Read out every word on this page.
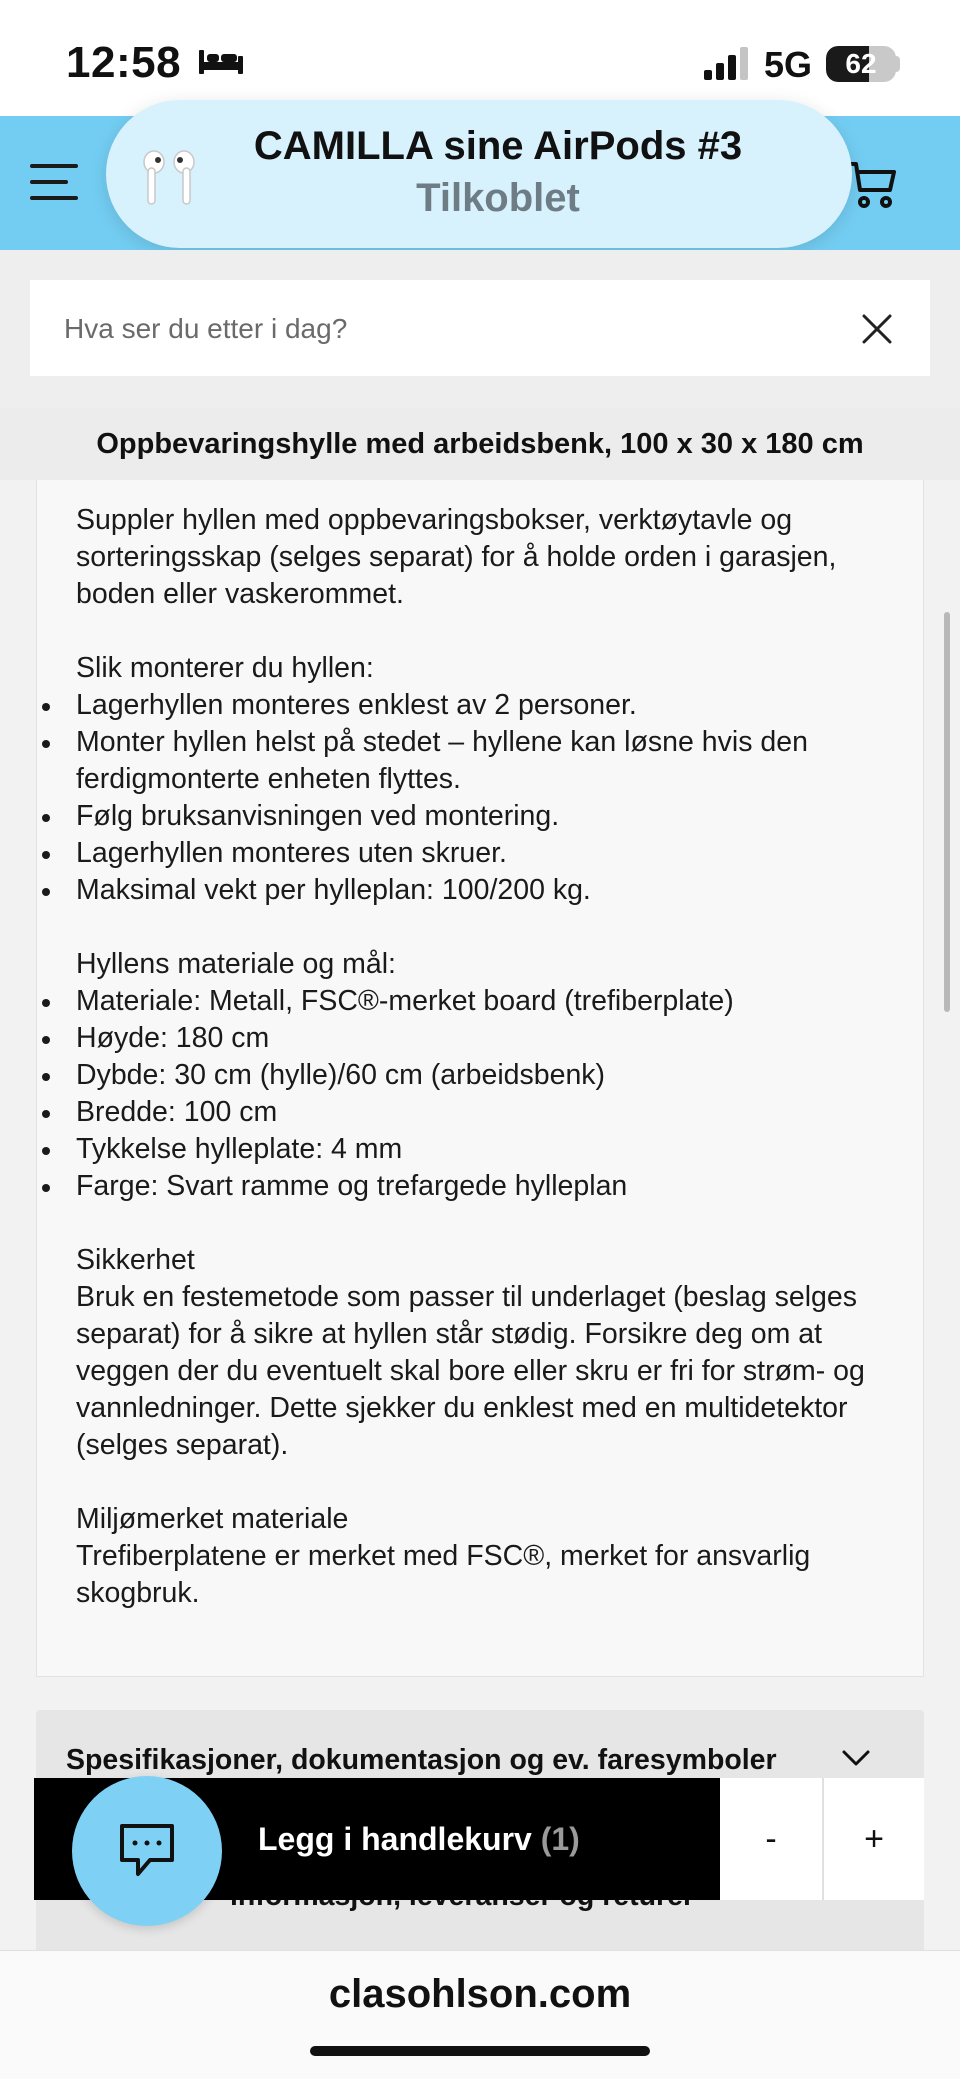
12:58	5G	62
CAMILLA sine AirPods #3
Tilkoblet
Hva ser du etter i dag?
Oppbevaringshylle med arbeidsbenk, 100 x 30 x 180 cm

Suppler hyllen med oppbevaringsbokser, verktøytavle og sorteringsskap (selges separat) for å holde orden i garasjen, boden eller vaskerommet.

Slik monterer du hyllen:

Lagerhyllen monteres enklest av 2 personer.
Monter hyllen helst på stedet – hyllene kan løsne hvis den ferdigmonterte enheten flyttes.
Følg bruksanvisningen ved montering.
Lagerhyllen monteres uten skruer.
Maksimal vekt per hylleplan: 100/200 kg.

Hyllens materiale og mål:

Materiale: Metall, FSC®-merket board (trefiberplate)
Høyde: 180 cm
Dybde: 30 cm (hylle)/60 cm (arbeidsbenk)
Bredde: 100 cm
Tykkelse hylleplate: 4 mm
Farge: Svart ramme og trefargede hylleplan

Sikkerhet

Bruk en festemetode som passer til underlaget (beslag selges separat) for å sikre at hyllen står stødig. Forsikre deg om at veggen der du eventuelt skal bore eller skru er fri for strøm- og vannledninger. Dette sjekker du enklest med en multidetektor (selges separat).

Miljømerket materiale

Trefiberplatene er merket med FSC®, merket for ansvarlig skogbruk.

Spesifikasjoner, dokumentasjon og ev. faresymboler
Legg i handlekurv (1)	-	+
clasohlson.com
